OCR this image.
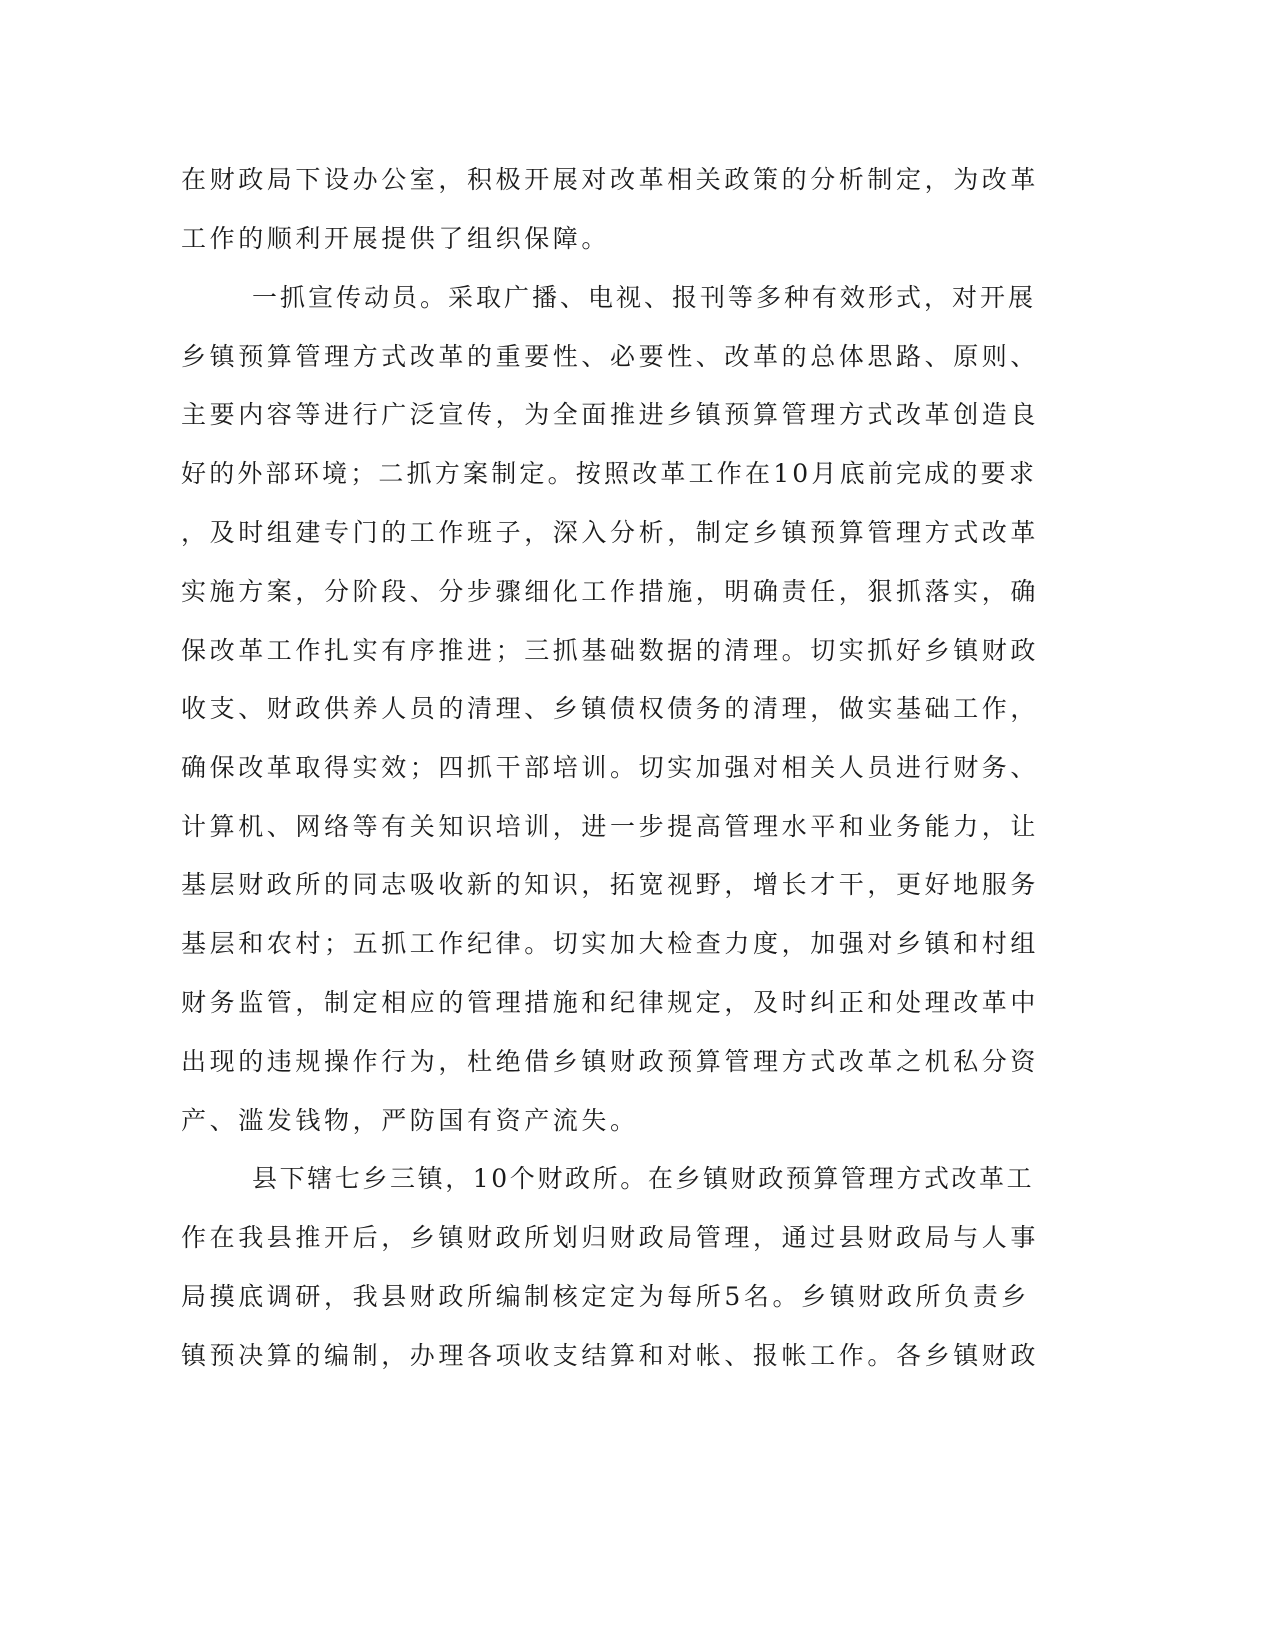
在财政局下设办公室，积极开展对改革相关政策的分析制定，为改革
工作的顺利开展提供了组织保障。
一抓宣传动员。采取广播、电视、报刊等多种有效形式，对开展
乡镇预算管理方式改革的重要性、必要性、改革的总体思路、原则、
主要内容等进行广泛宣传，为全面推进乡镇预算管理方式改革创造良
好的外部环境；二抓方案制定。按照改革工作在10月底前完成的要求
，及时组建专门的工作班子，深入分析，制定乡镇预算管理方式改革
实施方案，分阶段、分步骤细化工作措施，明确责任，狠抓落实，确
保改革工作扎实有序推进；三抓基础数据的清理。切实抓好乡镇财政
收支、财政供养人员的清理、乡镇债权债务的清理，做实基础工作，
确保改革取得实效；四抓干部培训。切实加强对相关人员进行财务、
计算机、网络等有关知识培训，进一步提高管理水平和业务能力，让
基层财政所的同志吸收新的知识，拓宽视野，增长才干，更好地服务
基层和农村；五抓工作纪律。切实加大检查力度，加强对乡镇和村组
财务监管，制定相应的管理措施和纪律规定，及时纠正和处理改革中
出现的违规操作行为，杜绝借乡镇财政预算管理方式改革之机私分资
产、滥发钱物，严防国有资产流失。
县下辖七乡三镇，10个财政所。在乡镇财政预算管理方式改革工
作在我县推开后，乡镇财政所划归财政局管理，通过县财政局与人事
局摸底调研，我县财政所编制核定定为每所5名。乡镇财政所负责乡
镇预决算的编制，办理各项收支结算和对帐、报帐工作。各乡镇财政
